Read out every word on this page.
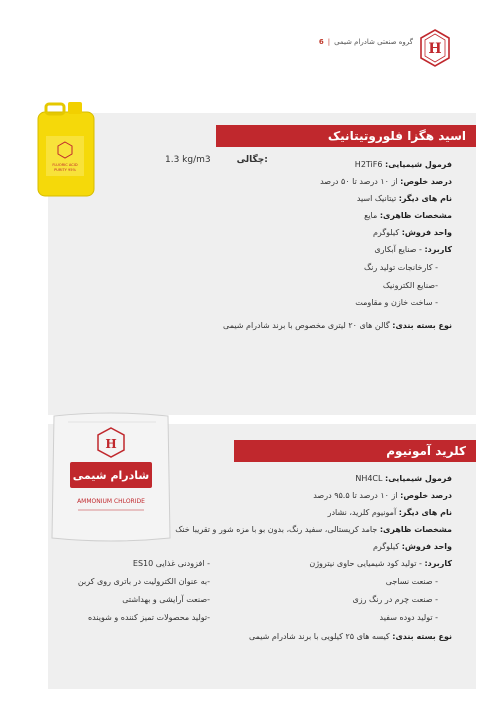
H
گروه صنعتی شادرام شیمی|6
FLUORIC ACID
PURITY 95%
اسید هگزا فلوروتیتانیک
1.3 kg/m3	چگالی:	فرمول شیمیایی: H2TiF6
درصد خلوص: از ۱۰ درصد تا ۵۰ درصد
نام های دیگر: تیتانیک اسید
مشخصات ظاهری: مایع
واحد فروش: کیلوگرم
کاربرد: - صنایع آبکاری
- کارخانجات تولید رنگ
-صنایع الکترونیک
- ساخت خازن و مقاومت
نوع بسته بندی: گالن های ۲۰ لیتری مخصوص با برند شادرام شیمی
H
شادرام شیمی
AMMONIUM CHLORIDE
کلرید آمونیوم
فرمول شیمیایی: NH4CL
درصد خلوص: از ۱۰ درصد تا ۹۵.۵ درصد
نام های دیگر: آمونیوم کلرید، نشادر
مشخصات ظاهری: جامد کریستالی، سفید رنگ، بدون بو با مزه شور و تقریبا خنک
واحد فروش: کیلوگرم
کاربرد: - تولید کود شیمیایی حاوی نیتروژن
- صنعت نساجی
- صنعت چرم در رنگ رزی
- تولید دوده سفید
- افزودنی غذایی ES10
-به عنوان الکترولیت در باتری روی کربن
-صنعت آرایشی و بهداشتی
-تولید محصولات تمیز کننده و شوینده
نوع بسته بندی: کیسه های ۲۵ کیلویی با برند شادرام شیمی
